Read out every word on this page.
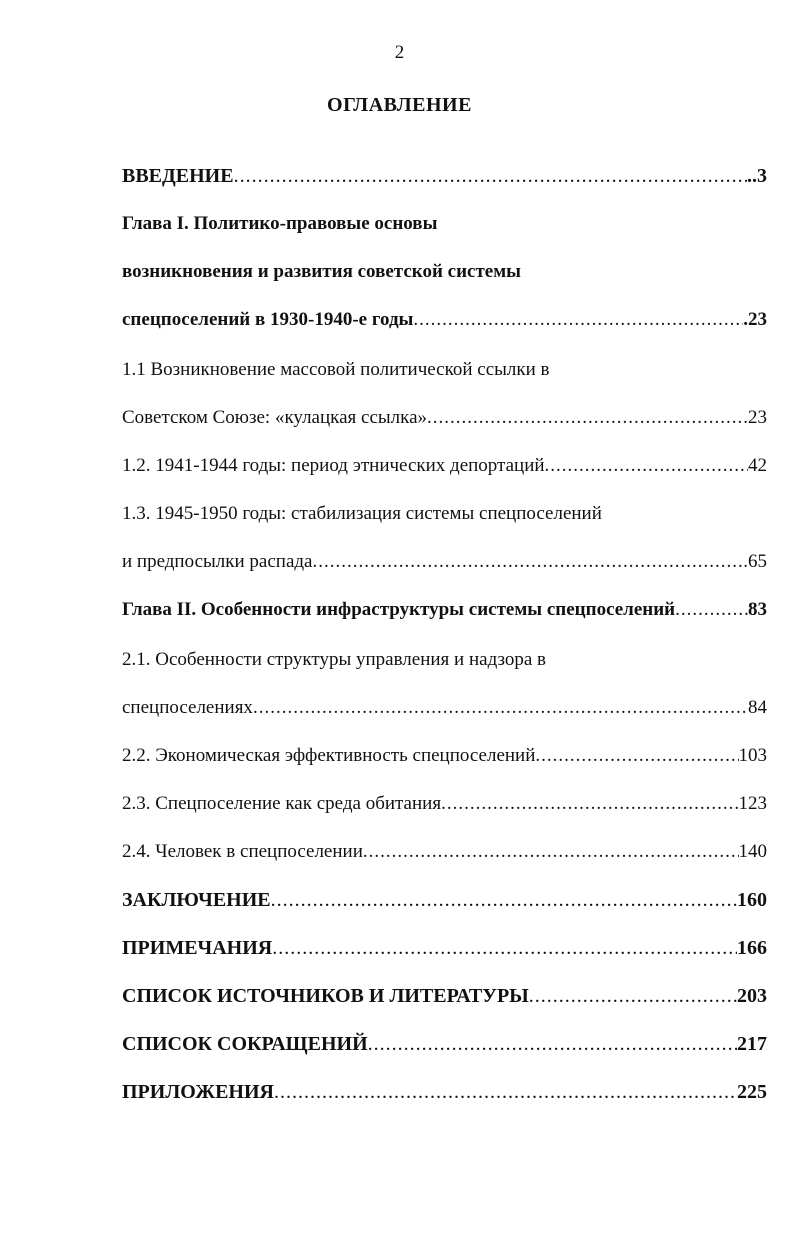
2
ОГЛАВЛЕНИЕ
ВВЕДЕНИЕ .....	..3
Глава I. Политико-правовые основы
возникновения и развития советской системы
спецпоселений в 1930-1940-е годы .....	.23
1.1 Возникновение массовой политической ссылки в
Советском Союзе: «кулацкая ссылка» .....	23
1.2. 1941-1944 годы: период этнических депортаций .....	42
1.3. 1945-1950 годы: стабилизация системы спецпоселений
и предпосылки распада .....	.65
Глава II. Особенности инфраструктуры системы спецпоселений .....	83
2.1. Особенности структуры управления и надзора в
спецпоселениях .....	84
2.2. Экономическая эффективность спецпоселений .....	103
2.3. Спецпоселение как среда обитания .....	123
2.4. Человек в спецпоселении .....	140
ЗАКЛЮЧЕНИЕ .....	160
ПРИМЕЧАНИЯ .....	166
СПИСОК ИСТОЧНИКОВ И ЛИТЕРАТУРЫ .....	203
СПИСОК СОКРАЩЕНИЙ .....	217
ПРИЛОЖЕНИЯ .....	225
